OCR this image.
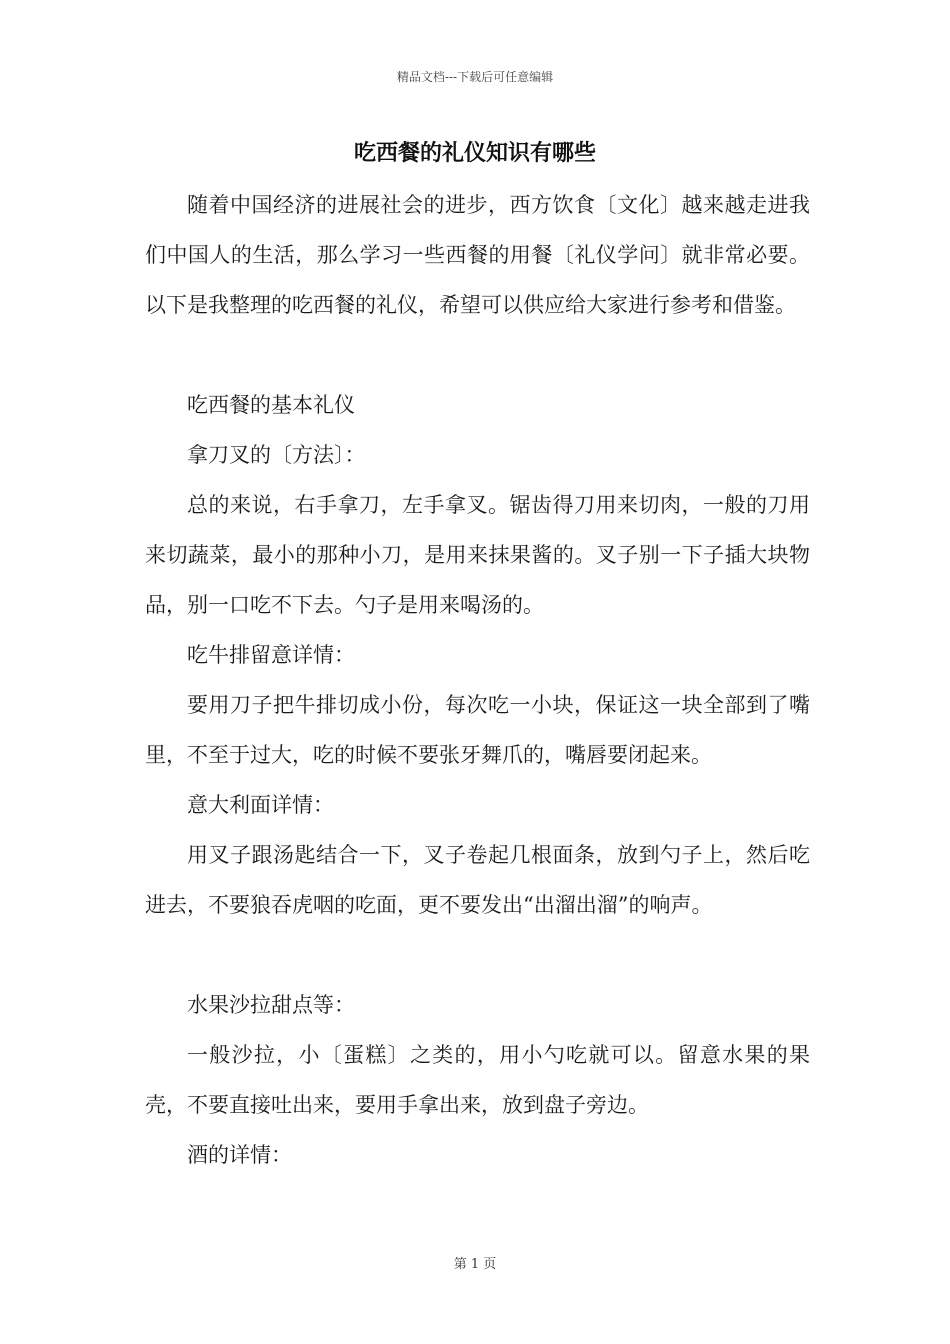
精品文档---下载后可任意编辑
吃西餐的礼仪知识有哪些

随着中国经济的进展社会的进步，西方饮食〔文化〕越来越走进我们中国人的生活，那么学习一些西餐的用餐〔礼仪学问〕就非常必要。以下是我整理的吃西餐的礼仪，希望可以供应给大家进行参考和借鉴。

吃西餐的基本礼仪

拿刀叉的〔方法〕：

总的来说，右手拿刀，左手拿叉。锯齿得刀用来切肉，一般的刀用来切蔬菜，最小的那种小刀，是用来抹果酱的。叉子别一下子插大块物品，别一口吃不下去。勺子是用来喝汤的。

吃牛排留意详情：

要用刀子把牛排切成小份，每次吃一小块，保证这一块全部到了嘴里，不至于过大，吃的时候不要张牙舞爪的，嘴唇要闭起来。

意大利面详情：

用叉子跟汤匙结合一下，叉子卷起几根面条，放到勺子上，然后吃进去，不要狼吞虎咽的吃面，更不要发出“出溜出溜”的响声。

水果沙拉甜点等：

一般沙拉，小〔蛋糕〕之类的，用小勺吃就可以。留意水果的果壳，不要直接吐出来，要用手拿出来，放到盘子旁边。

酒的详情：

第 1 页
